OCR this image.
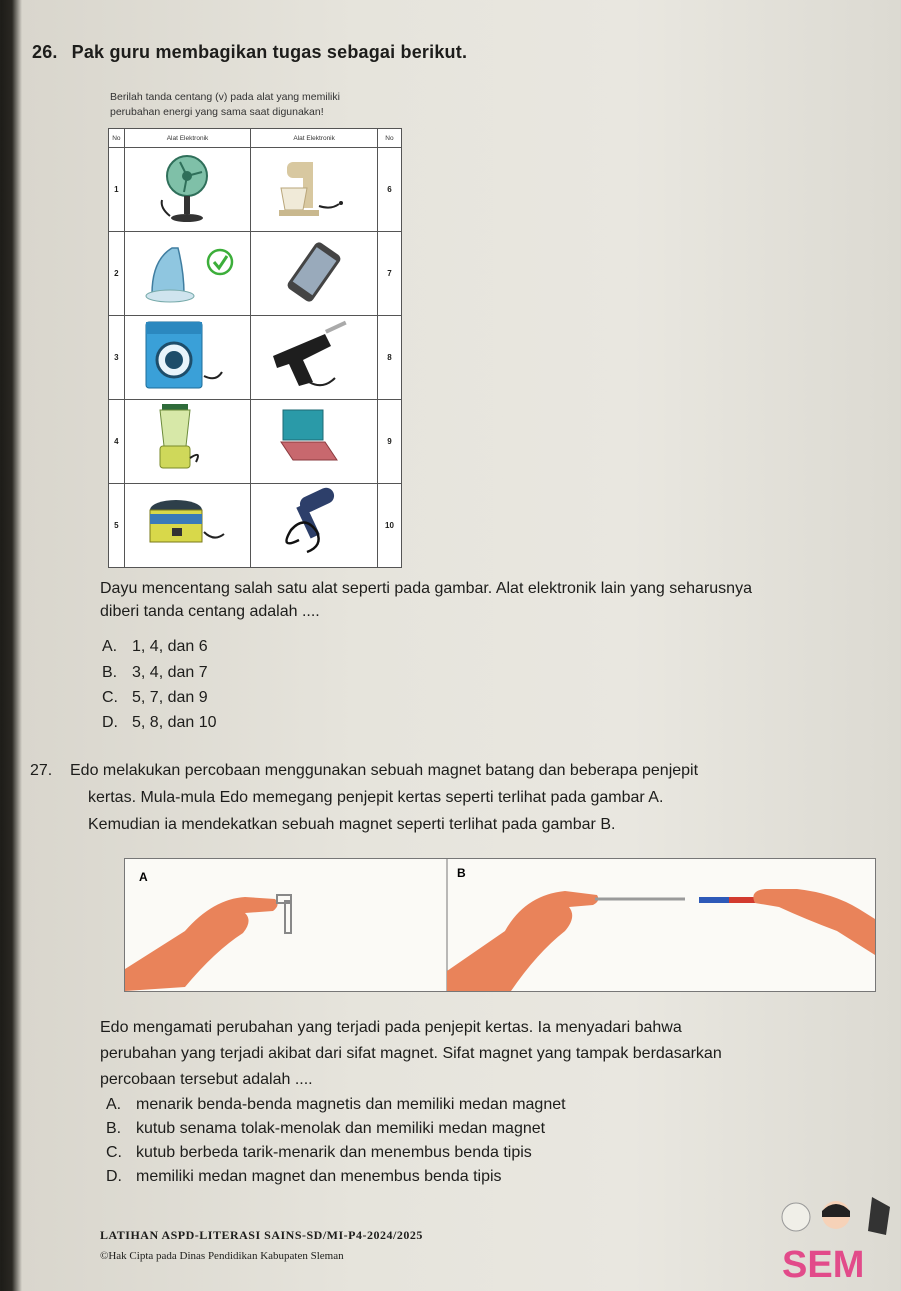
26. Pak guru membagikan tugas sebagai berikut.
Berilah tanda centang (v) pada alat yang memiliki
perubahan energi yang sama saat digunakan!
No	Alat Elektronik	Alat Elektronik	No
1			6
2			7
3			8
4			9
5			10
Dayu mencentang salah satu alat seperti pada gambar. Alat elektronik lain yang seharusnya
diberi tanda centang adalah ....
A. 1, 4, dan 6
B. 3, 4, dan 7
C. 5, 7, dan 9
D. 5, 8, dan 10
27. Edo melakukan percobaan menggunakan sebuah magnet batang dan beberapa penjepit
kertas. Mula-mula Edo memegang penjepit kertas seperti terlihat pada gambar A.
Kemudian ia mendekatkan sebuah magnet seperti terlihat pada gambar B.
A	B
Edo mengamati perubahan yang terjadi pada penjepit kertas. Ia menyadari bahwa
perubahan yang terjadi akibat dari sifat magnet. Sifat magnet yang tampak berdasarkan
percobaan tersebut adalah ....
A. menarik benda-benda magnetis dan memiliki medan magnet
B. kutub senama tolak-menolak dan memiliki medan magnet
C. kutub berbeda tarik-menarik dan menembus benda tipis
D. memiliki medan magnet dan menembus benda tipis
LATIHAN ASPD-LITERASI SAINS-SD/MI-P4-2024/2025
©Hak Cipta pada Dinas Pendidikan Kabupaten Sleman	SEM
